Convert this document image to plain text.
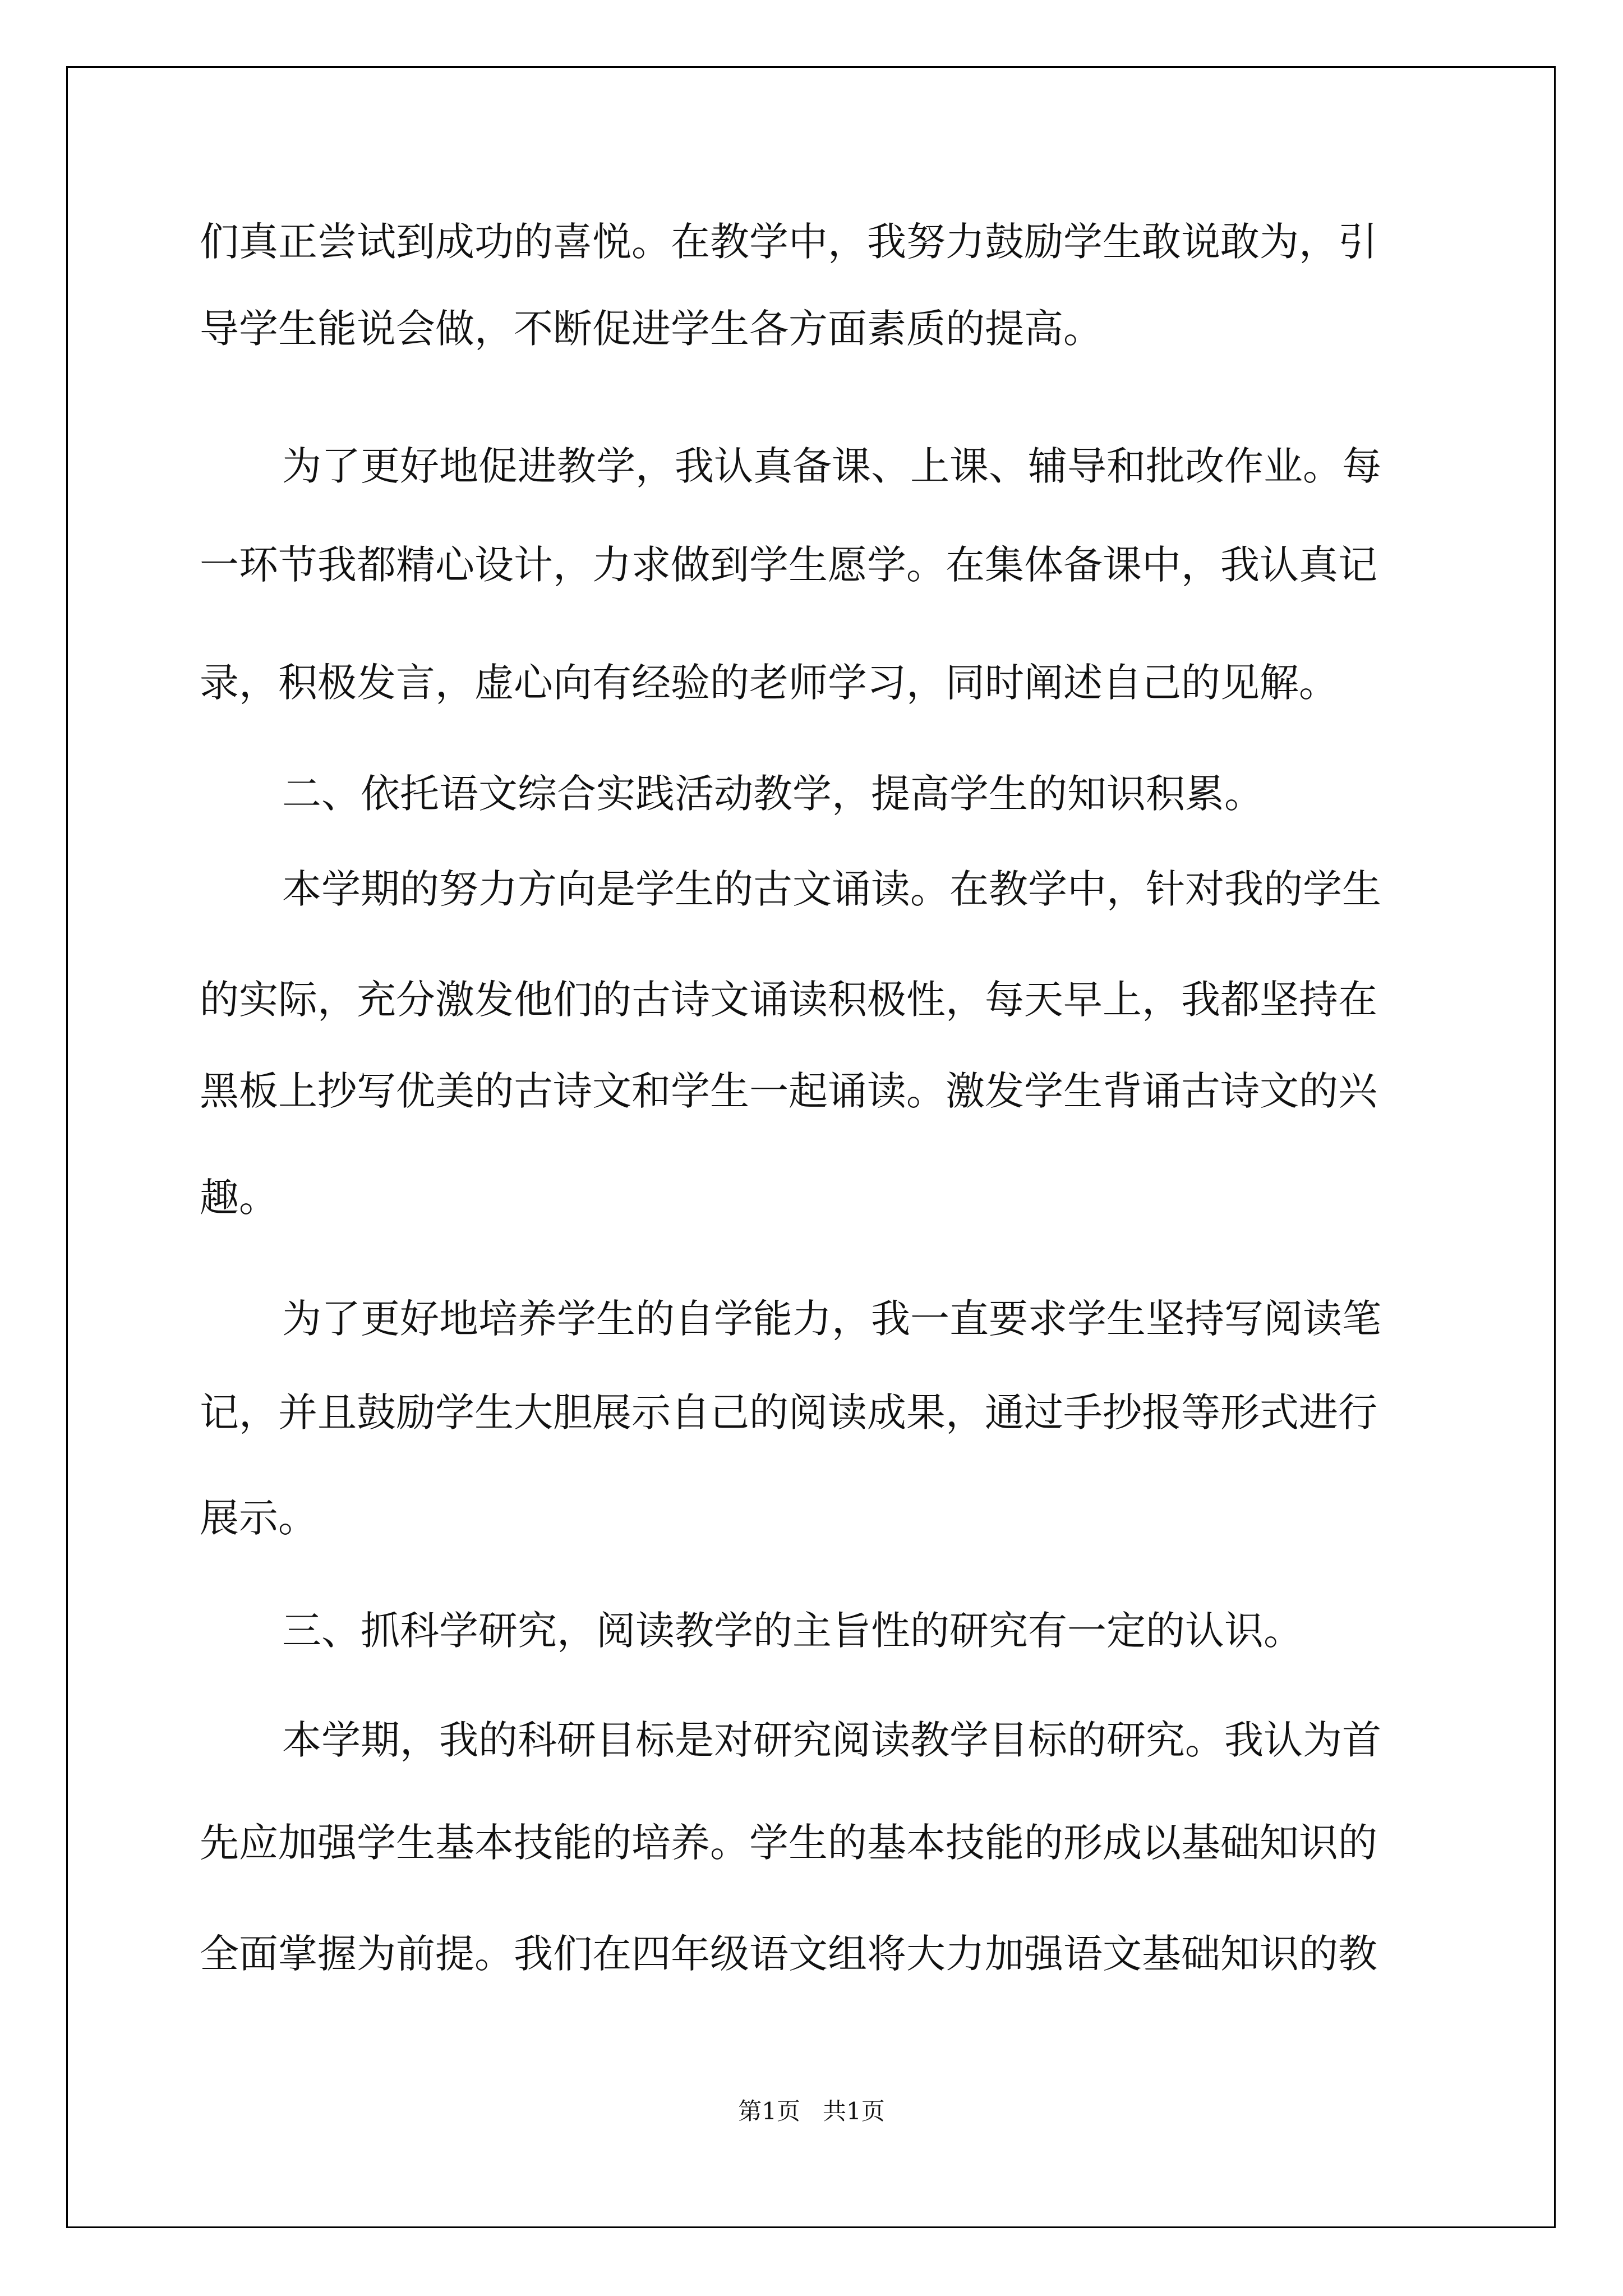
们真正尝试到成功的喜悦。在教学中，我努力鼓励学生敢说敢为，引

导学生能说会做，不断促进学生各方面素质的提高。

为了更好地促进教学，我认真备课、上课、辅导和批改作业。每

一环节我都精心设计，力求做到学生愿学。在集体备课中，我认真记

录，积极发言，虚心向有经验的老师学习，同时阐述自己的见解。

二、依托语文综合实践活动教学，提高学生的知识积累。

本学期的努力方向是学生的古文诵读。在教学中，针对我的学生

的实际，充分激发他们的古诗文诵读积极性，每天早上，我都坚持在

黑板上抄写优美的古诗文和学生一起诵读。激发学生背诵古诗文的兴

趣。

为了更好地培养学生的自学能力，我一直要求学生坚持写阅读笔

记，并且鼓励学生大胆展示自己的阅读成果，通过手抄报等形式进行

展示。

三、抓科学研究，阅读教学的主旨性的研究有一定的认识。

本学期，我的科研目标是对研究阅读教学目标的研究。我认为首

先应加强学生基本技能的培养。学生的基本技能的形成以基础知识的

全面掌握为前提。我们在四年级语文组将大力加强语文基础知识的教

第1页   共1页
